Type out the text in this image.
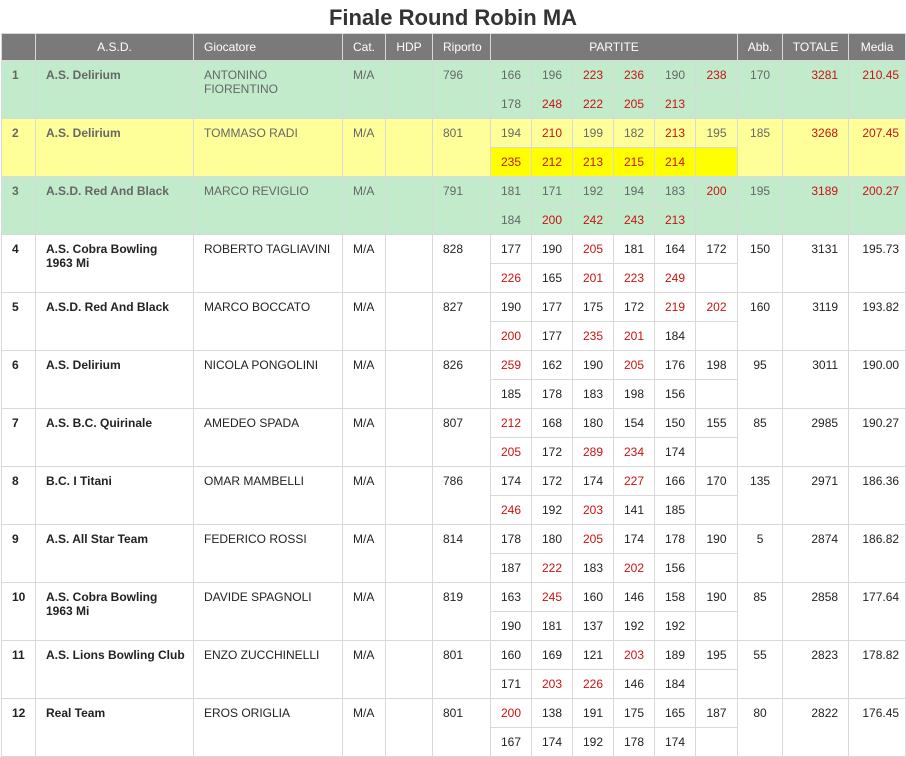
Finale Round Robin MA
	A.S.D.	Giocatore	Cat.	HDP	Riporto	PARTITE						Abb.	TOTALE	Media
1	A.S. Delirium	ANTONINO FIORENTINO	M/A		796	166	196	223	236	190	238	170	3281	210.45
						178	248	222	205	213				
2	A.S. Delirium	TOMMASO RADI	M/A		801	194	210	199	182	213	195	185	3268	207.45
						235	212	213	215	214				
3	A.S.D. Red And Black	MARCO REVIGLIO	M/A		791	181	171	192	194	183	200	195	3189	200.27
						184	200	242	243	213				
4	A.S. Cobra Bowling 1963 Mi	ROBERTO TAGLIAVINI	M/A		828	177	190	205	181	164	172	150	3131	195.73
						226	165	201	223	249				
5	A.S.D. Red And Black	MARCO BOCCATO	M/A		827	190	177	175	172	219	202	160	3119	193.82
						200	177	235	201	184				
6	A.S. Delirium	NICOLA PONGOLINI	M/A		826	259	162	190	205	176	198	95	3011	190.00
						185	178	183	198	156				
7	A.S. B.C. Quirinale	AMEDEO SPADA	M/A		807	212	168	180	154	150	155	85	2985	190.27
						205	172	289	234	174				
8	B.C. I Titani	OMAR MAMBELLI	M/A		786	174	172	174	227	166	170	135	2971	186.36
						246	192	203	141	185				
9	A.S. All Star Team	FEDERICO ROSSI	M/A		814	178	180	205	174	178	190	5	2874	186.82
						187	222	183	202	156				
10	A.S. Cobra Bowling 1963 Mi	DAVIDE SPAGNOLI	M/A		819	163	245	160	146	158	190	85	2858	177.64
						190	181	137	192	192				
11	A.S. Lions Bowling Club	ENZO ZUCCHINELLI	M/A		801	160	169	121	203	189	195	55	2823	178.82
						171	203	226	146	184				
12	Real Team	EROS ORIGLIA	M/A		801	200	138	191	175	165	187	80	2822	176.45
						167	174	192	178	174				
